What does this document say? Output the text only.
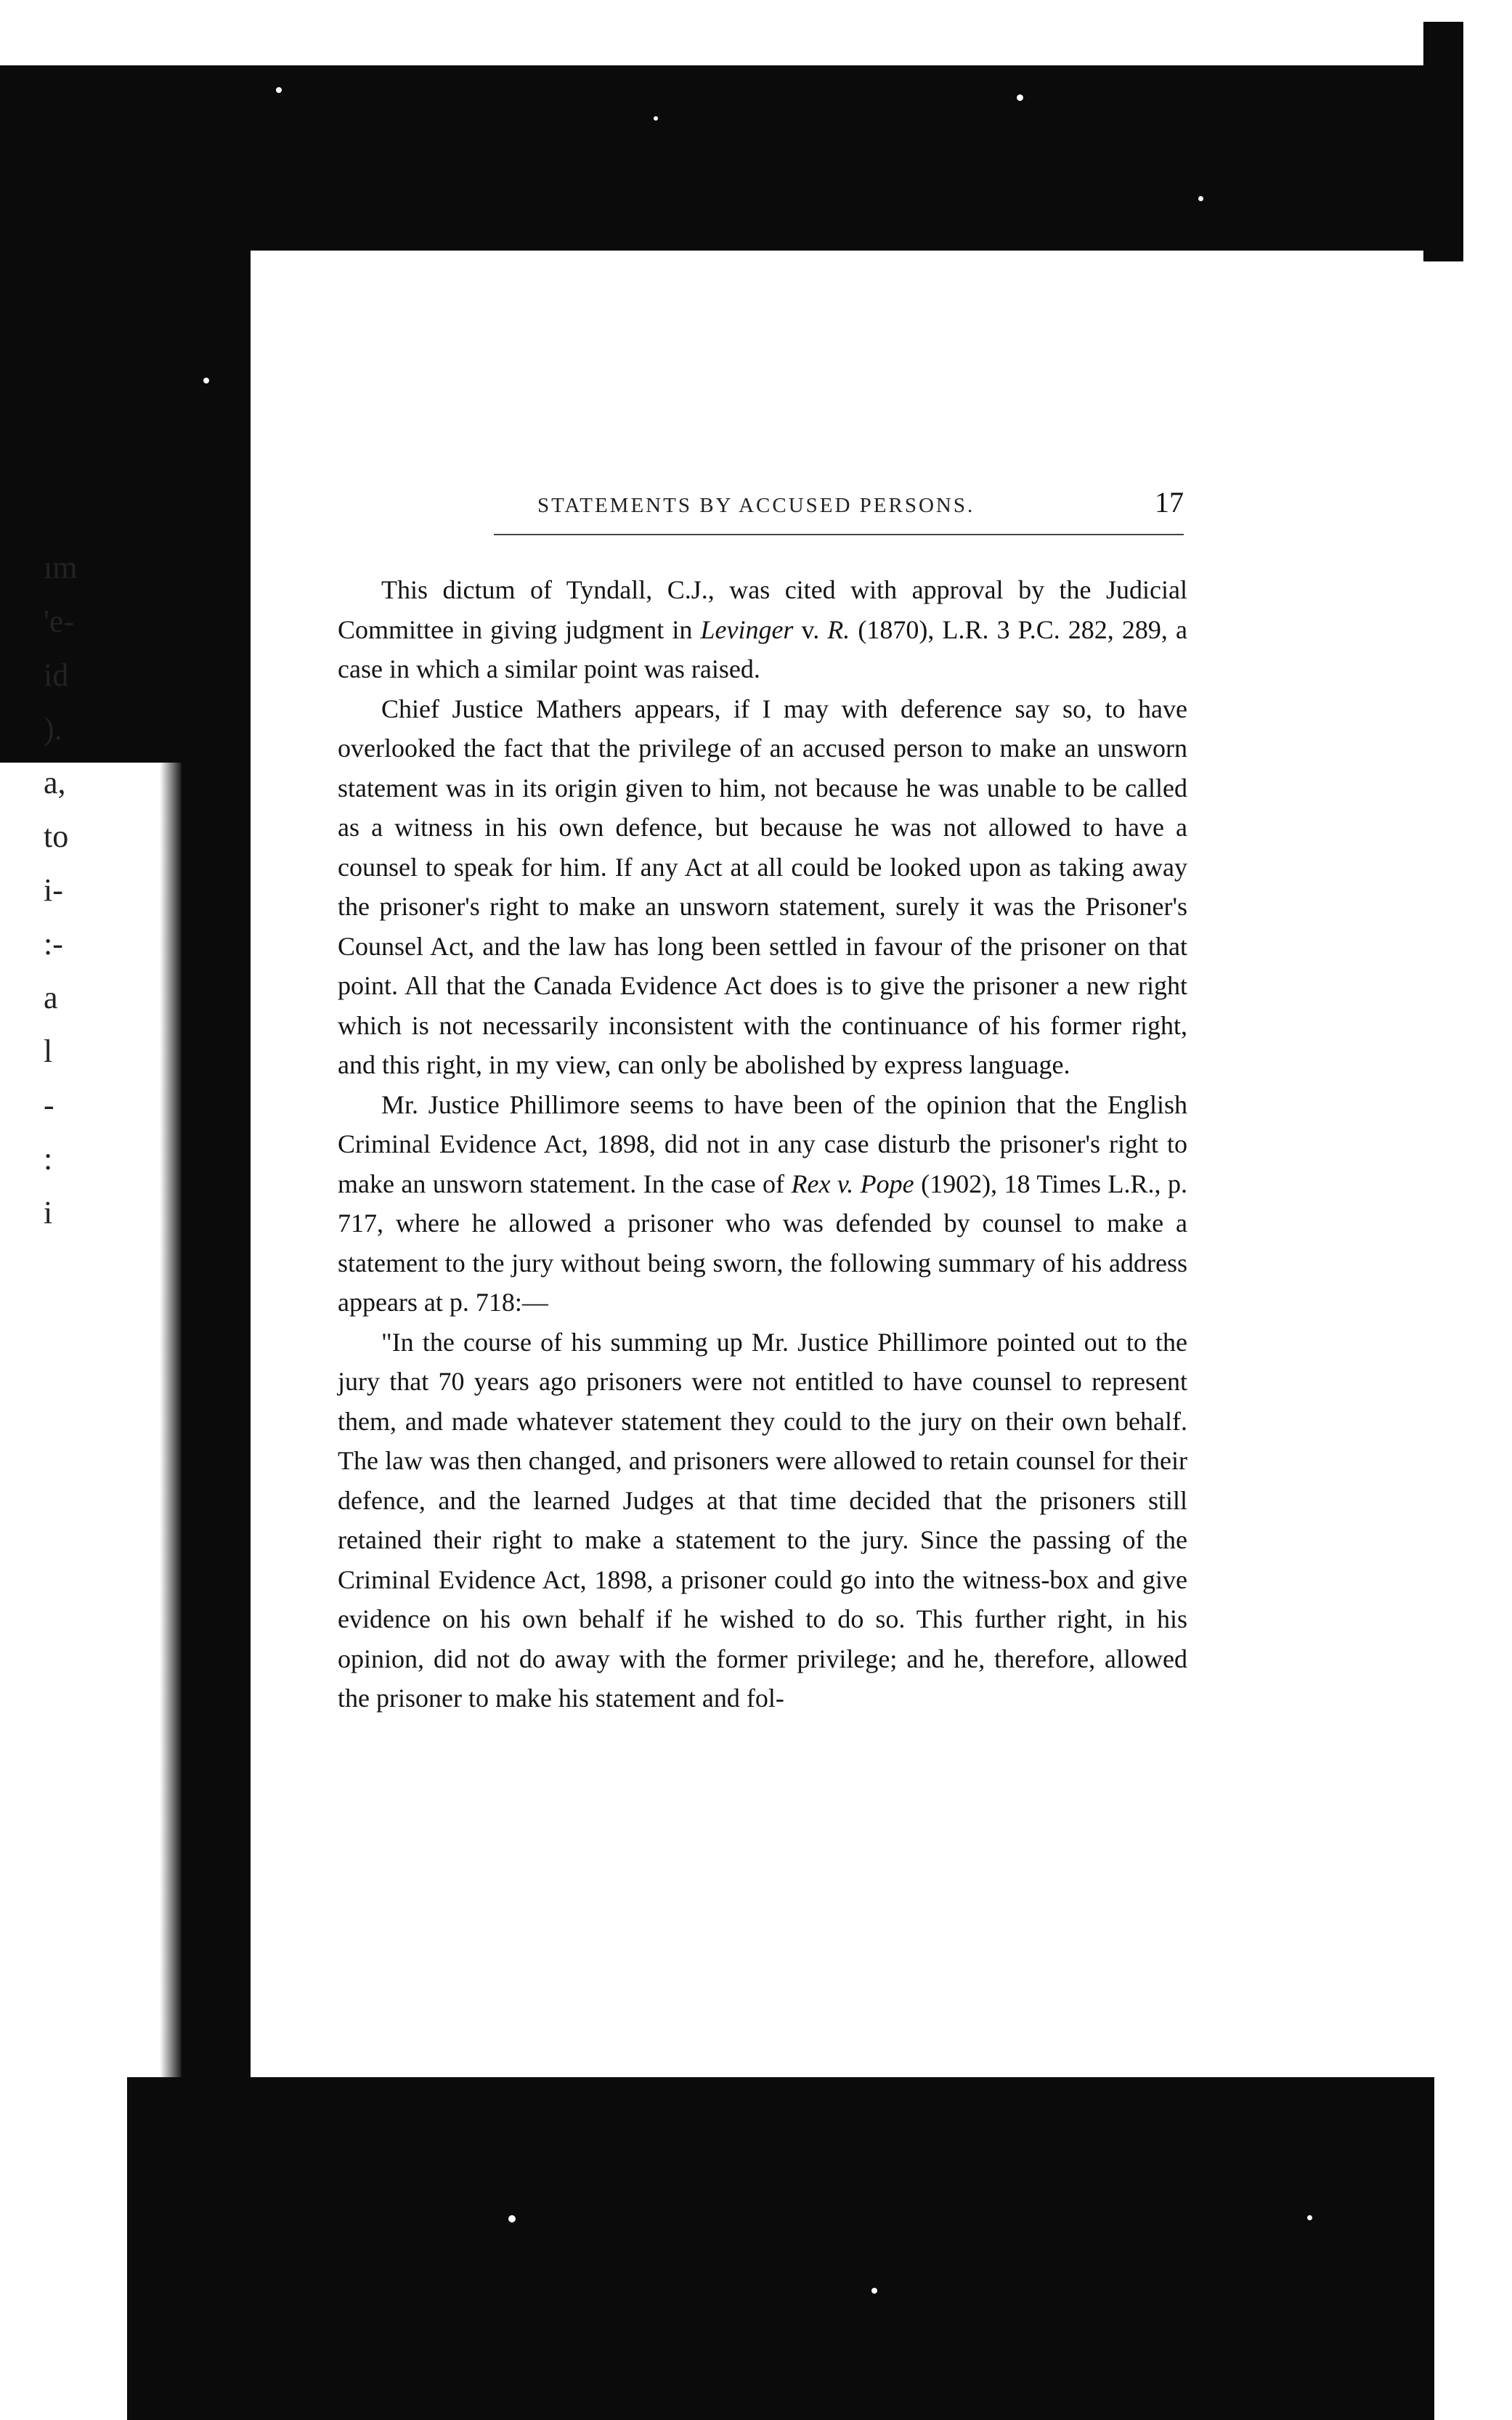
ım
'e-
id
).
a,
to
i-
:-
a
l
-
:
i
STATEMENTS BY ACCUSED PERSONS.	17

This dictum of Tyndall, C.J., was cited with approval by the Judicial Committee in giving judgment in Levinger v. R. (1870), L.R. 3 P.C. 282, 289, a case in which a similar point was raised.

Chief Justice Mathers appears, if I may with deference say so, to have overlooked the fact that the privilege of an accused person to make an unsworn statement was in its origin given to him, not because he was unable to be called as a witness in his own defence, but because he was not allowed to have a counsel to speak for him. If any Act at all could be looked upon as taking away the prisoner's right to make an unsworn statement, surely it was the Prisoner's Counsel Act, and the law has long been settled in favour of the prisoner on that point. All that the Canada Evidence Act does is to give the prisoner a new right which is not necessarily inconsistent with the continuance of his former right, and this right, in my view, can only be abolished by express language.

Mr. Justice Phillimore seems to have been of the opinion that the English Criminal Evidence Act, 1898, did not in any case disturb the prisoner's right to make an unsworn statement. In the case of Rex v. Pope (1902), 18 Times L.R., p. 717, where he allowed a prisoner who was defended by counsel to make a statement to the jury without being sworn, the following summary of his address appears at p. 718:—

"In the course of his summing up Mr. Justice Phillimore pointed out to the jury that 70 years ago prisoners were not entitled to have counsel to represent them, and made whatever statement they could to the jury on their own behalf. The law was then changed, and prisoners were allowed to retain counsel for their defence, and the learned Judges at that time decided that the prisoners still retained their right to make a statement to the jury. Since the passing of the Criminal Evidence Act, 1898, a prisoner could go into the witness-box and give evidence on his own behalf if he wished to do so. This further right, in his opinion, did not do away with the former privilege; and he, therefore, allowed the prisoner to make his statement and fol-
